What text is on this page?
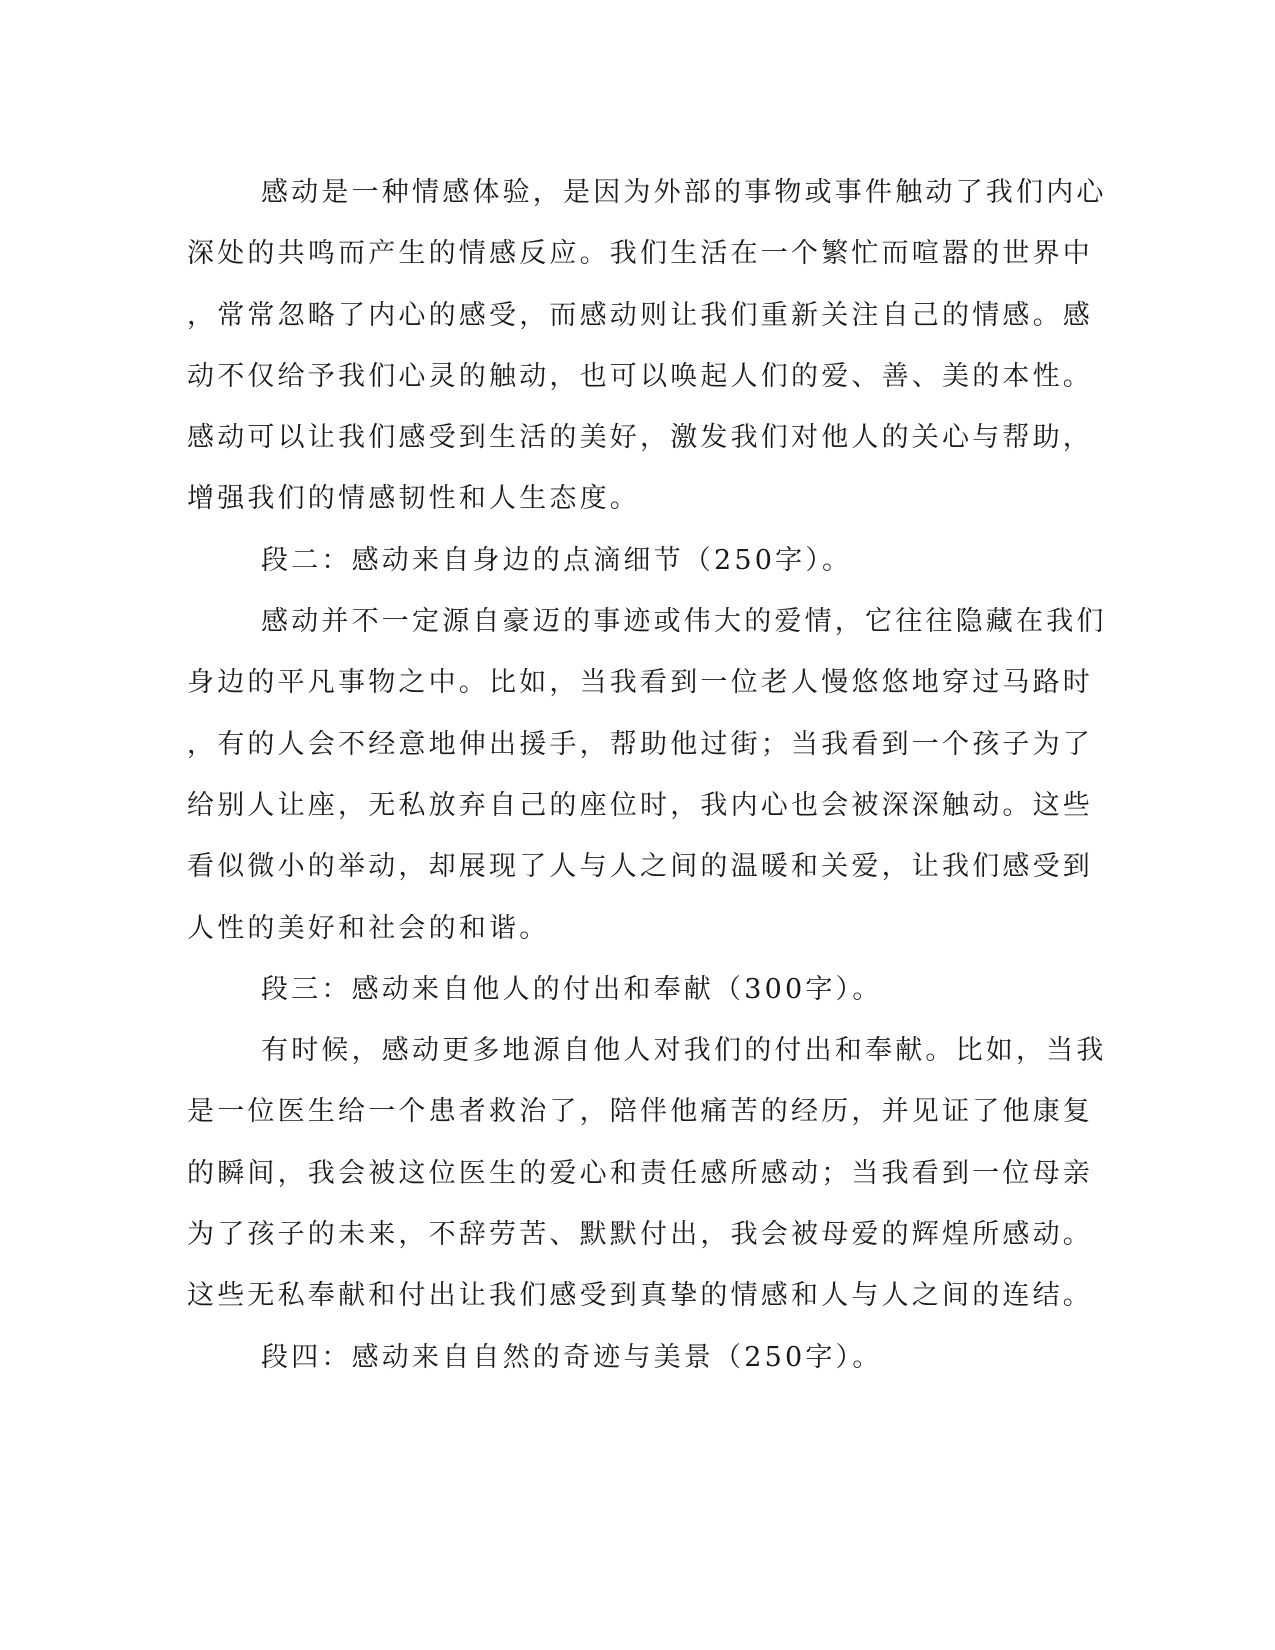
感动是一种情感体验，是因为外部的事物或事件触动了我们内心
深处的共鸣而产生的情感反应。我们生活在一个繁忙而喧嚣的世界中
，常常忽略了内心的感受，而感动则让我们重新关注自己的情感。感
动不仅给予我们心灵的触动，也可以唤起人们的爱、善、美的本性。
感动可以让我们感受到生活的美好，激发我们对他人的关心与帮助，
增强我们的情感韧性和人生态度。
段二：感动来自身边的点滴细节（250字）。
感动并不一定源自豪迈的事迹或伟大的爱情，它往往隐藏在我们
身边的平凡事物之中。比如，当我看到一位老人慢悠悠地穿过马路时
，有的人会不经意地伸出援手，帮助他过街；当我看到一个孩子为了
给别人让座，无私放弃自己的座位时，我内心也会被深深触动。这些
看似微小的举动，却展现了人与人之间的温暖和关爱，让我们感受到
人性的美好和社会的和谐。
段三：感动来自他人的付出和奉献（300字）。
有时候，感动更多地源自他人对我们的付出和奉献。比如，当我
是一位医生给一个患者救治了，陪伴他痛苦的经历，并见证了他康复
的瞬间，我会被这位医生的爱心和责任感所感动；当我看到一位母亲
为了孩子的未来，不辞劳苦、默默付出，我会被母爱的辉煌所感动。
这些无私奉献和付出让我们感受到真挚的情感和人与人之间的连结。
段四：感动来自自然的奇迹与美景（250字）。
